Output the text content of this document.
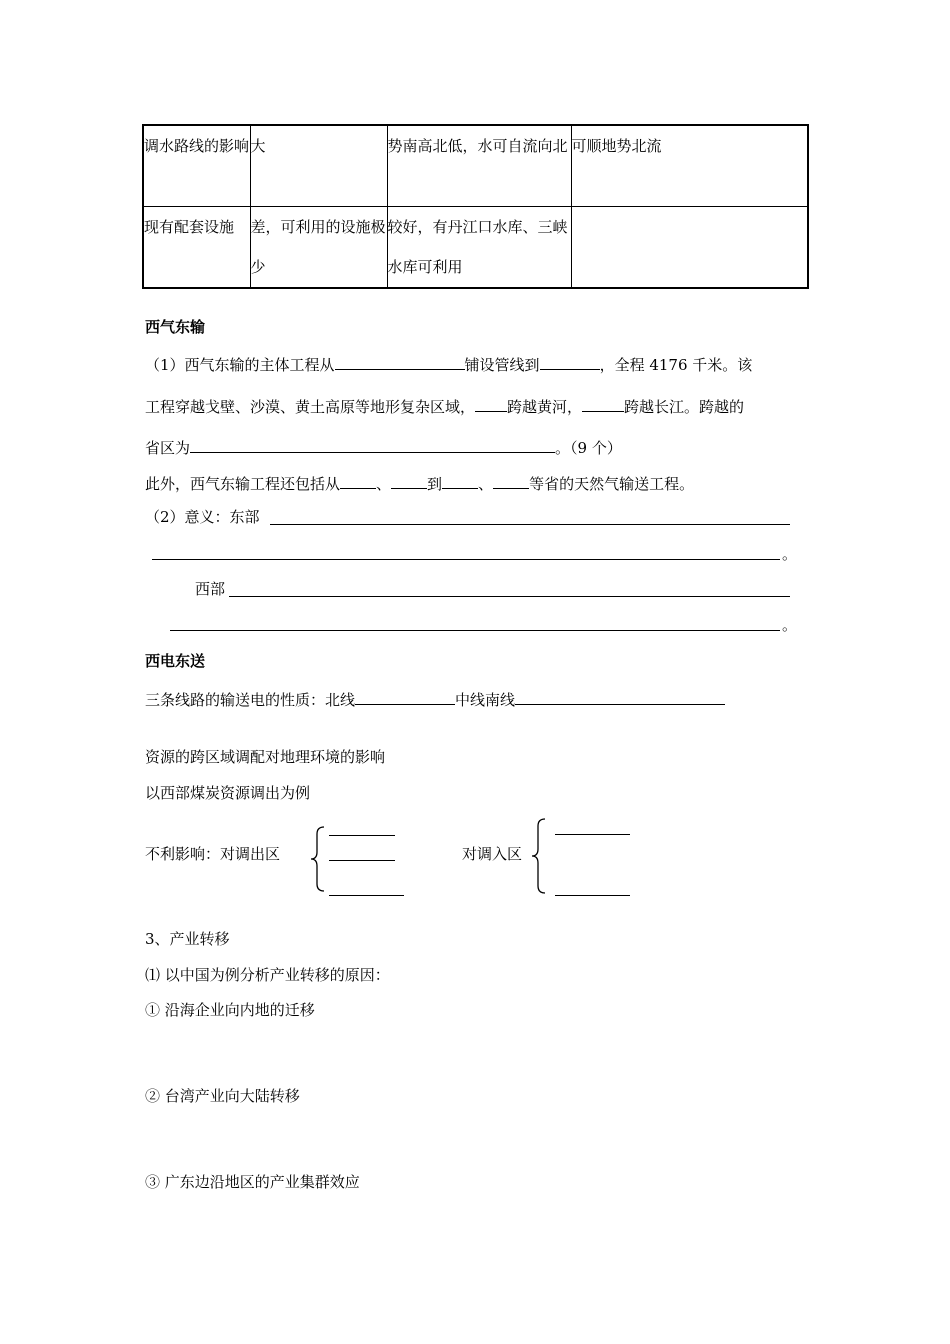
调水路线的影响	大	势南高北低，水可自流向北	可顺地势北流
现有配套设施	差，可利用的设施极少	较好，有丹江口水库、三峡水库可利用	
西气东输
（1）西气东输的主体工程从	铺设管线到	，全程 4176 千米。该
工程穿越戈壁、沙漠、黄土高原等地形复杂区域， 跨越黄河，	跨越长江。跨越的
省区为	。（9 个）
此外，西气东输工程还包括从 、 到 、 等省的天然气输送工程。
（2）意义：东部
。
西部
。
西电东送
三条线路的输送电的性质：北线	中线南线
资源的跨区域调配对地理环境的影响
以西部煤炭资源调出为例
不利影响：对调出区	对调入区
3、产业转移
⑴ 以中国为例分析产业转移的原因：
① 沿海企业向内地的迁移
② 台湾产业向大陆转移
③ 广东边沿地区的产业集群效应
